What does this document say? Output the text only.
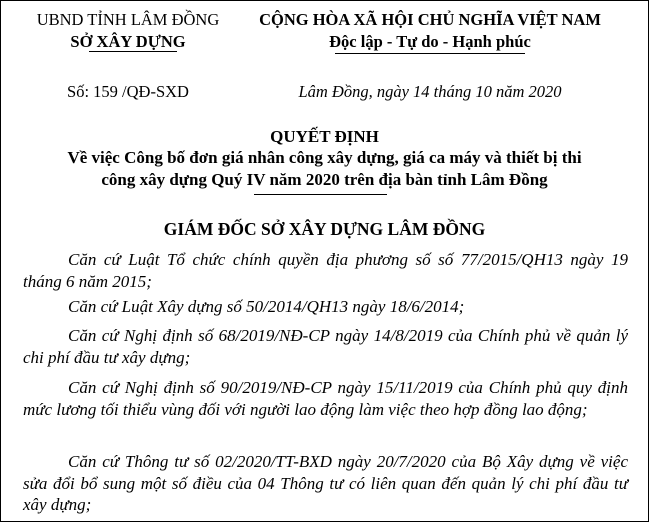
UBND TỈNH LÂM ĐỒNG
SỞ XÂY DỰNG
Số: 159 /QĐ-SXD
CỘNG HÒA XÃ HỘI CHỦ NGHĨA VIỆT NAM
Độc lập - Tự do - Hạnh phúc
Lâm Đồng, ngày 14 tháng 10 năm 2020
QUYẾT ĐỊNH
Về việc Công bố đơn giá nhân công xây dựng, giá ca máy và thiết bị thi
công xây dựng Quý IV năm 2020 trên địa bàn tỉnh Lâm Đồng
GIÁM ĐỐC SỞ XÂY DỰNG LÂM ĐỒNG
Căn cứ Luật Tổ chức chính quyền địa phương số số 77/2015/QH13 ngày 19 tháng 6 năm 2015;
Căn cứ Luật Xây dựng số 50/2014/QH13 ngày 18/6/2014;
Căn cứ Nghị định số 68/2019/NĐ-CP ngày 14/8/2019 của Chính phủ về quản lý chi phí đầu tư xây dựng;
Căn cứ Nghị định số 90/2019/NĐ-CP ngày 15/11/2019 của Chính phủ quy định mức lương tối thiểu vùng đối với người lao động làm việc theo hợp đồng lao động;
Căn cứ Thông tư số 02/2020/TT-BXD ngày 20/7/2020 của Bộ Xây dựng về việc sửa đổi bổ sung một số điều của 04 Thông tư có liên quan đến quản lý chi phí đầu tư xây dựng;
